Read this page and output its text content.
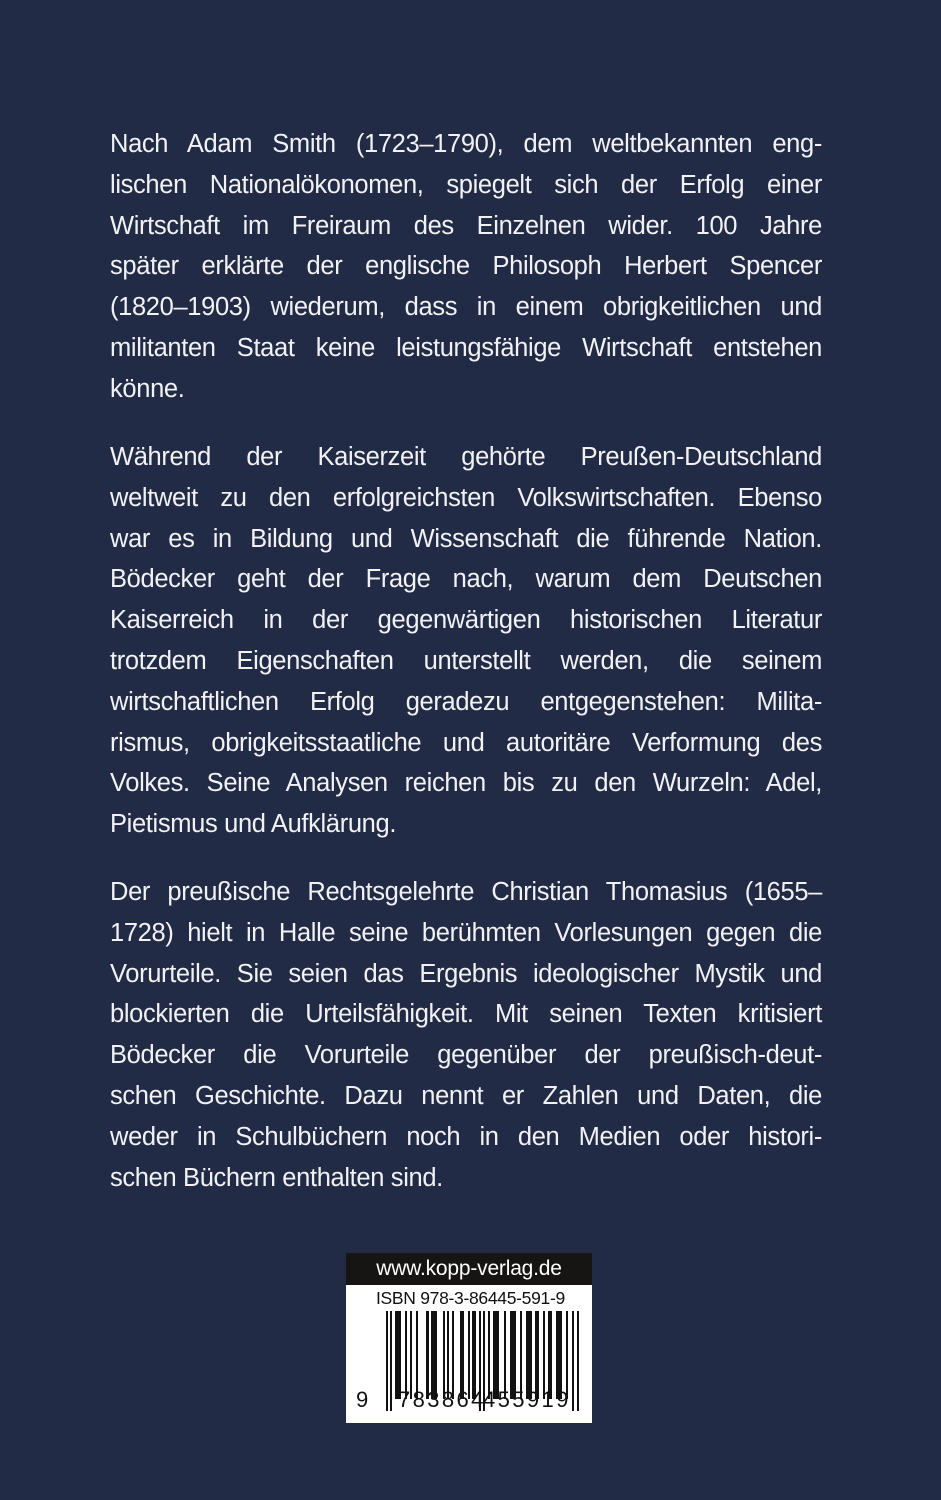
Nach Adam Smith (1723–1790), dem weltbekannten eng-
lischen Nationalökonomen, spiegelt sich der Erfolg einer
Wirtschaft im Freiraum des Einzelnen wider. 100 Jahre
später erklärte der englische Philosoph Herbert Spencer
(1820–1903) wiederum, dass in einem obrigkeitlichen und
militanten Staat keine leistungsfähige Wirtschaft entstehen
könne.
Während der Kaiserzeit gehörte Preußen-Deutschland
weltweit zu den erfolgreichsten Volkswirtschaften. Ebenso
war es in Bildung und Wissenschaft die führende Nation.
Bödecker geht der Frage nach, warum dem Deutschen
Kaiserreich in der gegenwärtigen historischen Literatur
trotzdem Eigenschaften unterstellt werden, die seinem
wirtschaftlichen Erfolg geradezu entgegenstehen: Milita-
rismus, obrigkeitsstaatliche und autoritäre Verformung des
Volkes. Seine Analysen reichen bis zu den Wurzeln: Adel,
Pietismus und Aufklärung.
Der preußische Rechtsgelehrte Christian Thomasius (1655–
1728) hielt in Halle seine berühmten Vorlesungen gegen die
Vorurteile. Sie seien das Ergebnis ideologischer Mystik und
blockierten die Urteilsfähigkeit. Mit seinen Texten kritisiert
Bödecker die Vorurteile gegenüber der preußisch-deut-
schen Geschichte. Dazu nennt er Zahlen und Daten, die
weder in Schulbüchern noch in den Medien oder histori-
schen Büchern enthalten sind.
www.kopp-verlag.de
ISBN 978-3-86445-591-9
9 783864
455919
